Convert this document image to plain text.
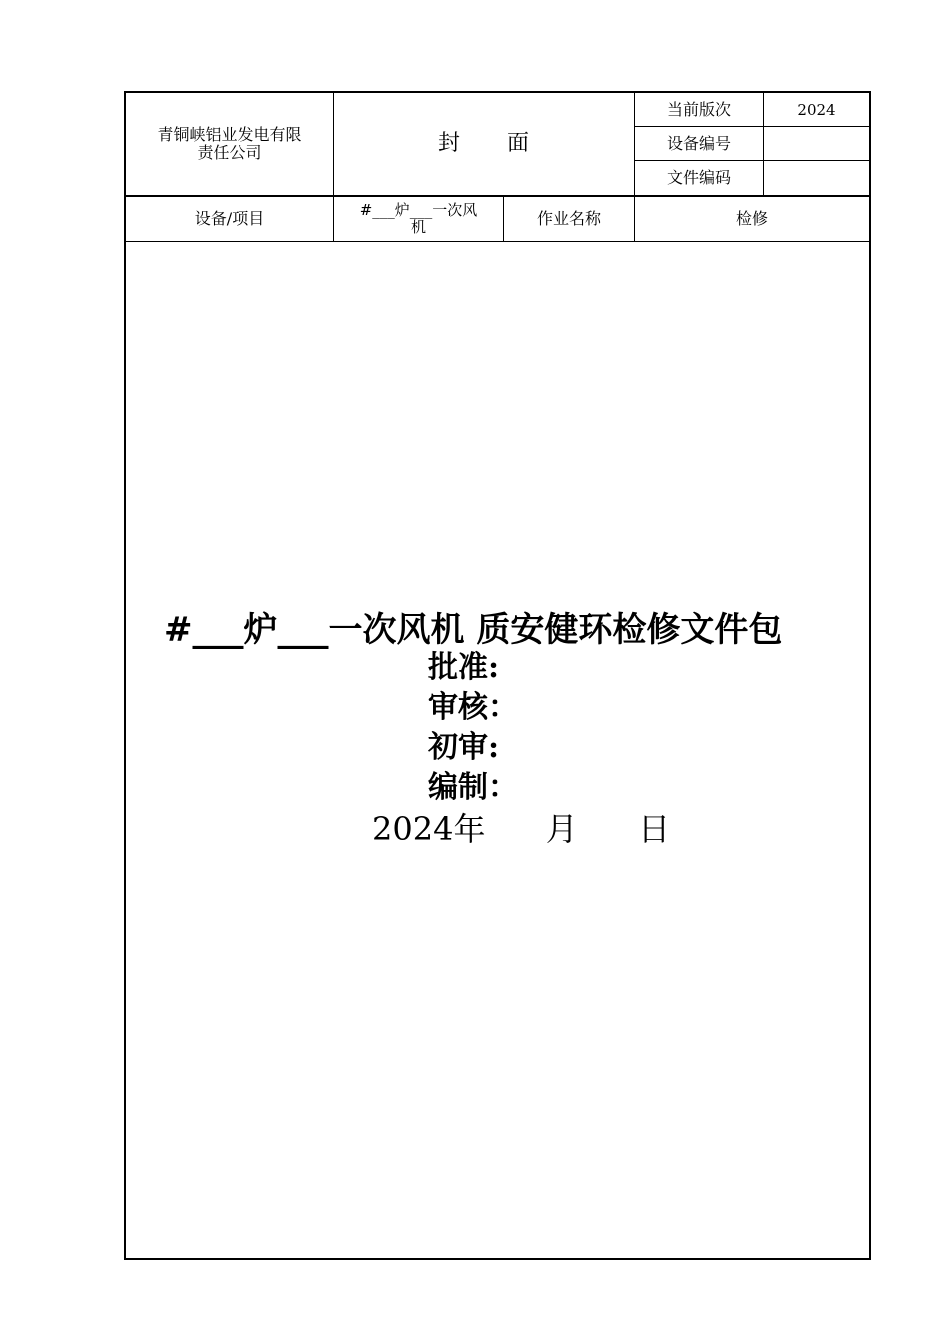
青铜峡铝业发电有限
责任公司	封 面
当前版次	2024
设备编号
文件编码
设备/项目	#___炉___一次风
机	作业名称	检修
#___炉___一次风机 质安健环检修文件包
批准:
审核：
初审:
编制：
2024年 月 日
